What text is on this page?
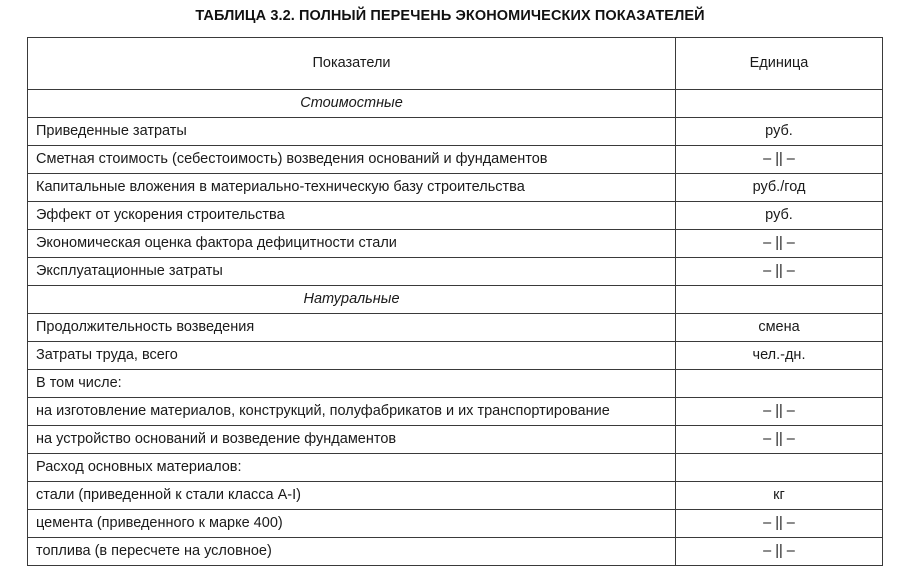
ТАБЛИЦА 3.2. ПОЛНЫЙ ПЕРЕЧЕНЬ ЭКОНОМИЧЕСКИХ ПОКАЗАТЕЛЕЙ
Показатели	Единица
Стоимостные	
Приведенные затраты	руб.
Сметная стоимость (себестоимость) возведения оснований и фундаментов	– || –
Капитальные вложения в материально-техническую базу строительства	руб./год
Эффект от ускорения строительства	руб.
Экономическая оценка фактора дефицитности стали	– || –
Эксплуатационные затраты	– || –
Натуральные	
Продолжительность возведения	смена
Затраты труда, всего	чел.-дн.
В том числе:	
на изготовление материалов, конструкций, полуфабрикатов и их транспортирование	– || –
на устройство оснований и возведение фундаментов	– || –
Расход основных материалов:	
стали (приведенной к стали класса А-I)	кг
цемента (приведенного к марке 400)	– || –
топлива (в пересчете на условное)	– || –
